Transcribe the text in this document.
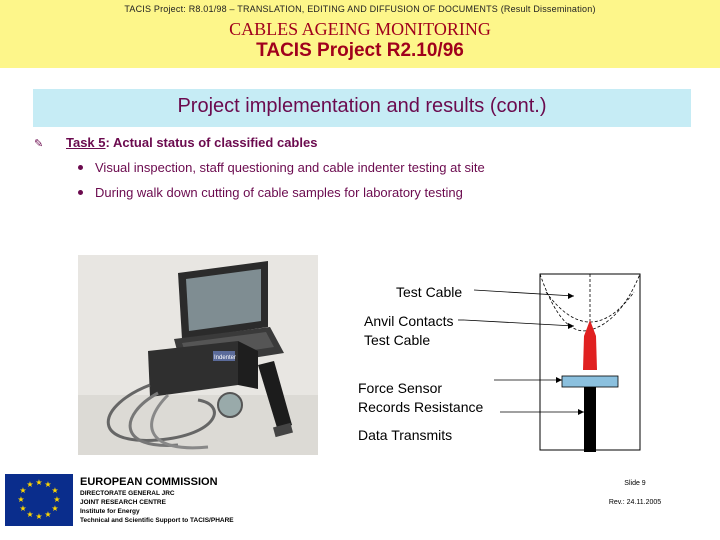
TACIS Project: R8.01/98 – TRANSLATION, EDITING AND DIFFUSION OF DOCUMENTS (Result Dissemination)
CABLES AGEING MONITORING
TACIS Project R2.10/96
Project implementation and results (cont.)
✎ Task 5: Actual status of classified cables
Visual inspection, staff questioning and cable indenter testing at site
During walk down cutting of cable samples for laboratory testing
Indenter
Test Cable
Anvil Contacts
Test Cable
Force Sensor
Records Resistance
Data Transmits
★ ★
★
★
★
★
★
★
★
★
★
★	EUROPEAN COMMISSION
DIRECTORATE GENERAL JRC
JOINT RESEARCH CENTRE
Institute for Energy
Technical and Scientific Support to TACIS/PHARE
Slide 9
Rev.: 24.11.2005
